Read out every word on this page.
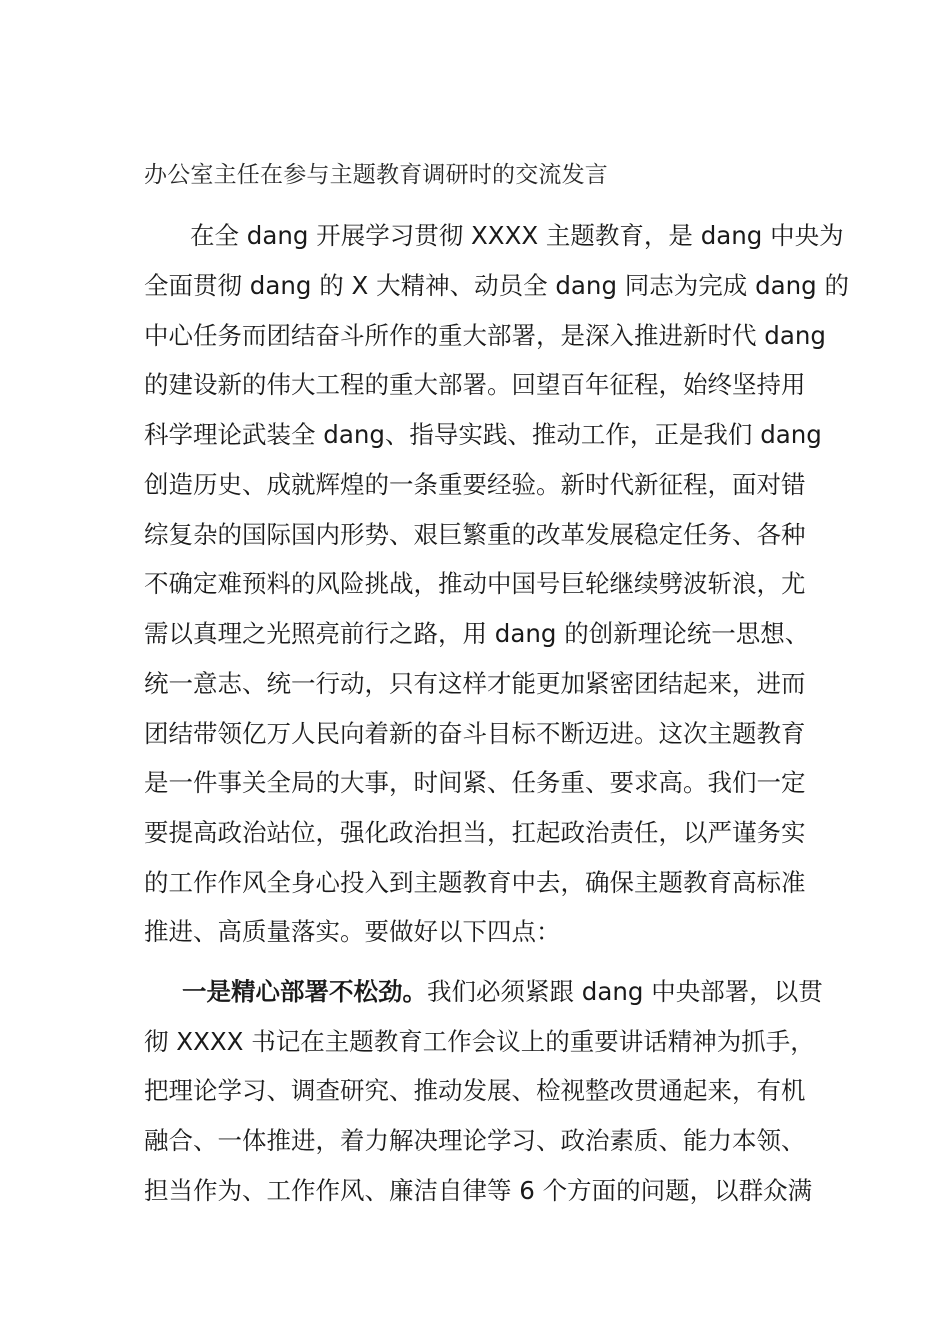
办公室主任在参与主题教育调研时的交流发言
在全 dang 开展学习贯彻 XXXX 主题教育，是 dang 中央为
全面贯彻 dang 的 X 大精神、动员全 dang 同志为完成 dang 的
中心任务而团结奋斗所作的重大部署，是深入推进新时代 dang
的建设新的伟大工程的重大部署。回望百年征程，始终坚持用
科学理论武装全 dang、指导实践、推动工作，正是我们 dang
创造历史、成就辉煌的一条重要经验。新时代新征程，面对错
综复杂的国际国内形势、艰巨繁重的改革发展稳定任务、各种
不确定难预料的风险挑战，推动中国号巨轮继续劈波斩浪，尤
需以真理之光照亮前行之路，用 dang 的创新理论统一思想、
统一意志、统一行动，只有这样才能更加紧密团结起来，进而
团结带领亿万人民向着新的奋斗目标不断迈进。这次主题教育
是一件事关全局的大事，时间紧、任务重、要求高。我们一定
要提高政治站位，强化政治担当，扛起政治责任，以严谨务实
的工作作风全身心投入到主题教育中去，确保主题教育高标准
推进、高质量落实。要做好以下四点：
一是精心部署不松劲。我们必须紧跟 dang 中央部署，以贯
彻 XXXX 书记在主题教育工作会议上的重要讲话精神为抓手，
把理论学习、调查研究、推动发展、检视整改贯通起来，有机
融合、一体推进，着力解决理论学习、政治素质、能力本领、
担当作为、工作作风、廉洁自律等 6 个方面的问题，以群众满
